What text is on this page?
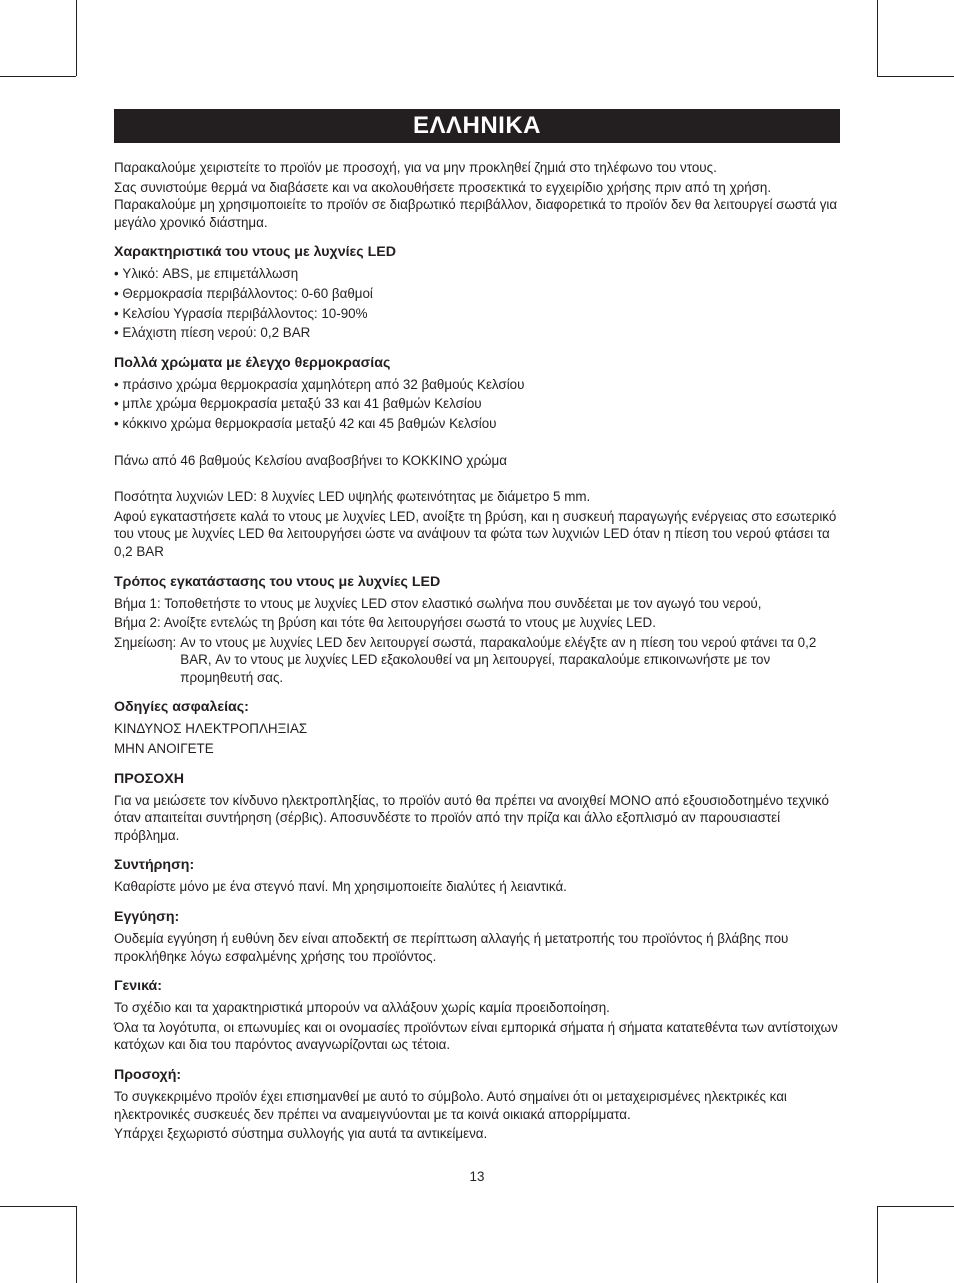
ΕΛΛΗΝΙΚΑ

Παρακαλούμε χειριστείτε το προϊόν με προσοχή, για να μην προκληθεί ζημιά στο τηλέφωνο του ντους.

Σας συνιστούμε θερμά να διαβάσετε και να ακολουθήσετε προσεκτικά το εγχειρίδιο χρήσης πριν από τη χρήση. Παρακαλούμε μη χρησιμοποιείτε το προϊόν σε διαβρωτικό περιβάλλον, διαφορετικά το προϊόν δεν θα λειτουργεί σωστά για μεγάλο χρονικό διάστημα.

Χαρακτηριστικά του ντους με λυχνίες LED
• Υλικό: ABS, με επιμετάλλωση
• Θερμοκρασία περιβάλλοντος: 0-60 βαθμοί
• Κελσίου Υγρασία περιβάλλοντος: 10-90%
• Ελάχιστη πίεση νερού: 0,2 BAR
Πολλά χρώματα με έλεγχο θερμοκρασίας
• πράσινο χρώμα θερμοκρασία χαμηλότερη από 32 βαθμούς Κελσίου
• μπλε χρώμα θερμοκρασία μεταξύ 33 και 41 βαθμών Κελσίου
• κόκκινο χρώμα θερμοκρασία μεταξύ 42 και 45 βαθμών Κελσίου

Πάνω από 46 βαθμούς Κελσίου αναβοσβήνει το ΚΟΚΚΙΝΟ χρώμα

Ποσότητα λυχνιών LED: 8 λυχνίες LED υψηλής φωτεινότητας με διάμετρο 5 mm.

Αφού εγκαταστήσετε καλά το ντους με λυχνίες LED, ανοίξτε τη βρύση, και η συσκευή παραγωγής ενέργειας στο εσωτερικό του ντους με λυχνίες LED θα λειτουργήσει ώστε να ανάψουν τα φώτα των λυχνιών LED όταν η πίεση του νερού φτάσει τα 0,2 BAR

Τρόπος εγκατάστασης του ντους με λυχνίες LED

Βήμα 1: Τοποθετήστε το ντους με λυχνίες LED στον ελαστικό σωλήνα που συνδέεται με τον αγωγό του νερού,

Βήμα 2: Ανοίξτε εντελώς τη βρύση και τότε θα λειτουργήσει σωστά το ντους με λυχνίες LED.

Σημείωση: Αν το ντους με λυχνίες LED δεν λειτουργεί σωστά, παρακαλούμε ελέγξτε αν η πίεση του νερού φτάνει τα 0,2 BAR, Αν το ντους με λυχνίες LED εξακολουθεί να μη λειτουργεί, παρακαλούμε επικοινωνήστε με τον προμηθευτή σας.
Οδηγίες ασφαλείας:

ΚΙΝΔΥΝΟΣ ΗΛΕΚΤΡΟΠΛΗΞΙΑΣ

ΜΗΝ ΑΝΟΙΓΕΤΕ

ΠΡΟΣΟΧΗ

Για να μειώσετε τον κίνδυνο ηλεκτροπληξίας, το προϊόν αυτό θα πρέπει να ανοιχθεί ΜΟΝΟ από εξουσιοδοτημένο τεχνικό όταν απαιτείται συντήρηση (σέρβις). Αποσυνδέστε το προϊόν από την πρίζα και άλλο εξοπλισμό αν παρουσιαστεί πρόβλημα.

Συντήρηση:

Καθαρίστε μόνο με ένα στεγνό πανί. Μη χρησιμοποιείτε διαλύτες ή λειαντικά.

Εγγύηση:

Ουδεμία εγγύηση ή ευθύνη δεν είναι αποδεκτή σε περίπτωση αλλαγής ή μετατροπής του προϊόντος ή βλάβης που προκλήθηκε λόγω εσφαλμένης χρήσης του προϊόντος.

Γενικά:

Το σχέδιο και τα χαρακτηριστικά μπορούν να αλλάξουν χωρίς καμία προειδοποίηση.

Όλα τα λογότυπα, οι επωνυμίες και οι ονομασίες προϊόντων είναι εμπορικά σήματα ή σήματα κατατεθέντα των αντίστοιχων κατόχων και δια του παρόντος αναγνωρίζονται ως τέτοια.

Προσοχή:

Το συγκεκριμένο προϊόν έχει επισημανθεί με αυτό το σύμβολο. Αυτό σημαίνει ότι οι μεταχειρισμένες ηλεκτρικές και ηλεκτρονικές συσκευές δεν πρέπει να αναμειγνύονται με τα κοινά οικιακά απορρίμματα.

Υπάρχει ξεχωριστό σύστημα συλλογής για αυτά τα αντικείμενα.

13
